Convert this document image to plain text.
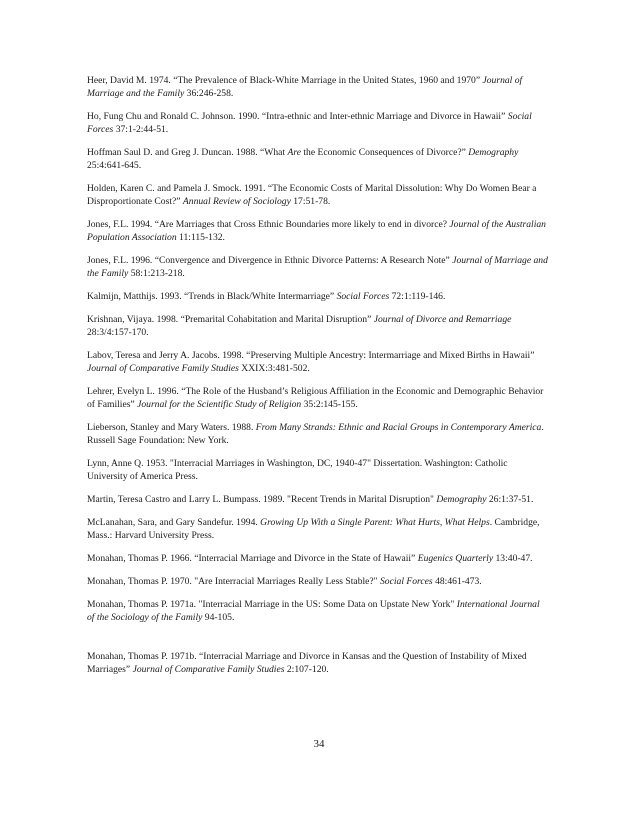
Heer, David M. 1974. “The Prevalence of Black-White Marriage in the United States, 1960 and 1970” Journal of Marriage and the Family 36:246-258.

Ho, Fung Chu and Ronald C. Johnson. 1990. “Intra-ethnic and Inter-ethnic Marriage and Divorce in Hawaii” Social Forces 37:1-2:44-51.

Hoffman Saul D. and Greg J. Duncan. 1988. “What Are the Economic Consequences of Divorce?” Demography 25:4:641-645.

Holden, Karen C. and Pamela J. Smock. 1991. “The Economic Costs of Marital Dissolution: Why Do Women Bear a Disproportionate Cost?” Annual Review of Sociology 17:51-78.

Jones, F.L. 1994. “Are Marriages that Cross Ethnic Boundaries more likely to end in divorce? Journal of the Australian Population Association 11:115-132.

Jones, F.L. 1996. “Convergence and Divergence in Ethnic Divorce Patterns: A Research Note” Journal of Marriage and the Family 58:1:213-218.

Kalmijn, Matthijs. 1993. “Trends in Black/White Intermarriage” Social Forces 72:1:119-146.

Krishnan, Vijaya. 1998. “Premarital Cohabitation and Marital Disruption” Journal of Divorce and Remarriage 28:3/4:157-170.

Labov, Teresa and Jerry A. Jacobs. 1998. “Preserving Multiple Ancestry: Intermarriage and Mixed Births in Hawaii” Journal of Comparative Family Studies XXIX:3:481-502.

Lehrer, Evelyn L. 1996. “The Role of the Husband’s Religious Affiliation in the Economic and Demographic Behavior of Families” Journal for the Scientific Study of Religion 35:2:145-155.

Lieberson, Stanley and Mary Waters. 1988. From Many Strands: Ethnic and Racial Groups in Contemporary America. Russell Sage Foundation: New York.

Lynn, Anne Q. 1953. "Interracial Marriages in Washington, DC, 1940-47" Dissertation. Washington: Catholic University of America Press.

Martin, Teresa Castro and Larry L. Bumpass. 1989. "Recent Trends in Marital Disruption" Demography 26:1:37-51.

McLanahan, Sara, and Gary Sandefur. 1994. Growing Up With a Single Parent: What Hurts, What Helps. Cambridge, Mass.: Harvard University Press.

Monahan, Thomas P. 1966. “Interracial Marriage and Divorce in the State of Hawaii” Eugenics Quarterly 13:40-47.

Monahan, Thomas P. 1970. "Are Interracial Marriages Really Less Stable?" Social Forces 48:461-473.

Monahan, Thomas P. 1971a. "Interracial Marriage in the US: Some Data on Upstate New York" International Journal of the Sociology of the Family 94-105.

Monahan, Thomas P. 1971b. “Interracial Marriage and Divorce in Kansas and the Question of Instability of Mixed Marriages” Journal of Comparative Family Studies 2:107-120.

34
